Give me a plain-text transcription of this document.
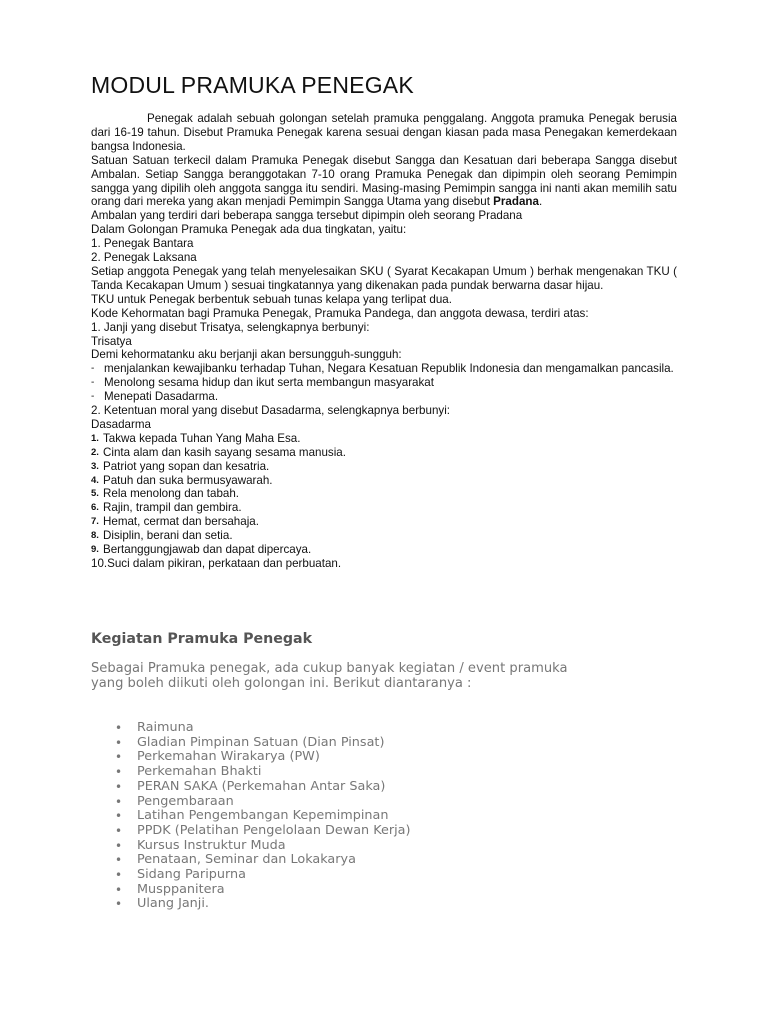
MODUL PRAMUKA PENEGAK

Penegak adalah sebuah golongan setelah pramuka penggalang. Anggota pramuka Penegak berusia dari 16-19 tahun. Disebut Pramuka Penegak karena sesuai dengan kiasan pada masa Penegakan kemerdekaan bangsa Indonesia.

Satuan Satuan terkecil dalam Pramuka Penegak disebut Sangga dan Kesatuan dari beberapa Sangga disebut Ambalan. Setiap Sangga beranggotakan 7-10 orang Pramuka Penegak dan dipimpin oleh seorang Pemimpin sangga yang dipilih oleh anggota sangga itu sendiri. Masing-masing Pemimpin sangga ini nanti akan memilih satu orang dari mereka yang akan menjadi Pemimpin Sangga Utama yang disebut Pradana.

Ambalan yang terdiri dari beberapa sangga tersebut dipimpin oleh seorang Pradana

Dalam Golongan Pramuka Penegak ada dua tingkatan, yaitu:

1. Penegak Bantara

2. Penegak Laksana

Setiap anggota Penegak yang telah menyelesaikan SKU ( Syarat Kecakapan Umum ) berhak mengenakan TKU ( Tanda Kecakapan Umum ) sesuai tingkatannya yang dikenakan pada pundak berwarna dasar hijau.

TKU untuk Penegak berbentuk sebuah tunas kelapa yang terlipat dua.

Kode Kehormatan bagi Pramuka Penegak, Pramuka Pandega, dan anggota dewasa, terdiri atas:

1. Janji yang disebut Trisatya, selengkapnya berbunyi:

Trisatya

Demi kehormatanku aku berjanji akan bersungguh-sungguh:

- menjalankan kewajibanku terhadap Tuhan, Negara Kesatuan Republik Indonesia dan mengamalkan pancasila.
- Menolong sesama hidup dan ikut serta membangun masyarakat
- Menepati Dasadarma.

2. Ketentuan moral yang disebut Dasadarma, selengkapnya berbunyi:

Dasadarma

1. Takwa kepada Tuhan Yang Maha Esa.
2. Cinta alam dan kasih sayang sesama manusia.
3. Patriot yang sopan dan kesatria.
4. Patuh dan suka bermusyawarah.
5. Rela menolong dan tabah.
6. Rajin, trampil dan gembira.
7. Hemat, cermat dan bersahaja.
8. Disiplin, berani dan setia.
9. Bertanggungjawab dan dapat dipercaya.

10.Suci dalam pikiran, perkataan dan perbuatan.

Kegiatan Pramuka Penegak

Sebagai Pramuka penegak, ada cukup banyak kegiatan / event pramuka

yang boleh diikuti oleh golongan ini. Berikut diantaranya :

•	Raimuna
•	Gladian Pimpinan Satuan (Dian Pinsat)
•	Perkemahan Wirakarya (PW)
•	Perkemahan Bhakti
•	PERAN SAKA (Perkemahan Antar Saka)
•	Pengembaraan
•	Latihan Pengembangan Kepemimpinan
•	PPDK (Pelatihan Pengelolaan Dewan Kerja)
•	Kursus Instruktur Muda
•	Penataan, Seminar dan Lokakarya
•	Sidang Paripurna
•	Musppanitera
•	Ulang Janji.
